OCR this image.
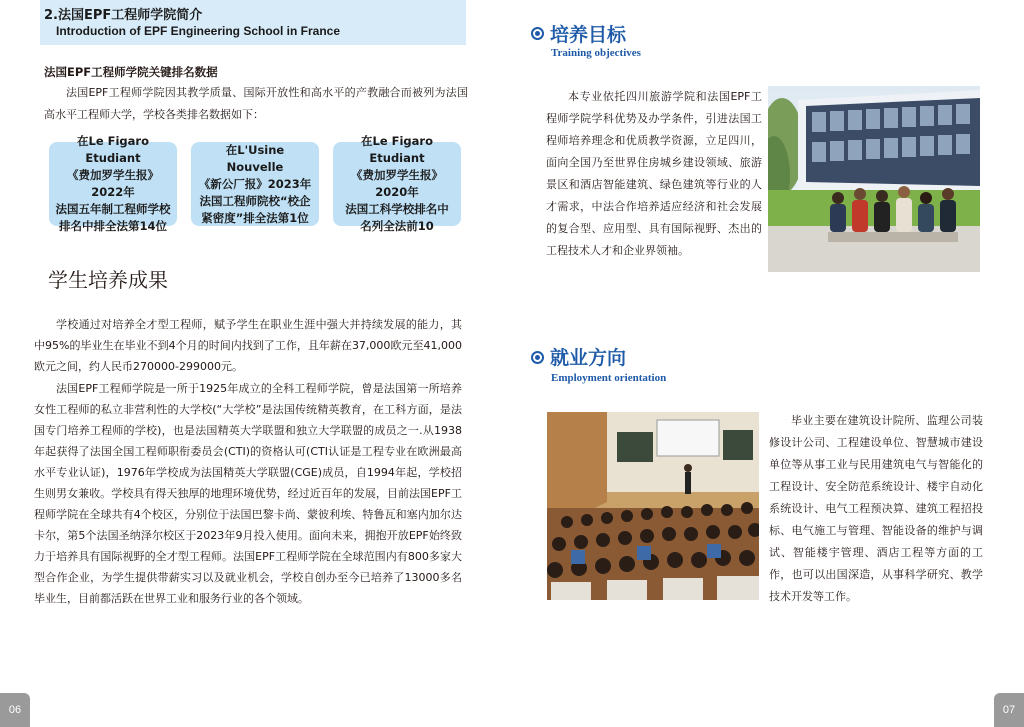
2.法国EPF工程师学院简介
Introduction of EPF Engineering School in France
法国EPF工程师学院关键排名数据
法国EPF工程师学院因其教学质量、国际开放性和高水平的产教融合而被列为法国高水平工程师大学，学校各类排名数据如下：
在Le Figaro Etudiant
《费加罗学生报》2022年
法国五年制工程师学校
排名中排全法第14位
在L'Usine Nouvelle
《新公厂报》2023年
法国工程师院校“校企
紧密度”排全法第1位
在Le Figaro Etudiant
《费加罗学生报》2020年
法国工科学校排名中
名列全法前10
学生培养成果
学校通过对培养全才型工程师，赋予学生在职业生涯中强大并持续发展的能力，其中95%的毕业生在毕业不到4个月的时间内找到了工作，且年薪在37,000欧元至41,000欧元之间，约人民币270000-299000元。
法国EPF工程师学院是一所于1925年成立的全科工程师学院，曾是法国第一所培养女性工程师的私立非营利性的大学校(“大学校”是法国传统精英教育，在工科方面，是法国专门培养工程师的学校)，也是法国精英大学联盟和独立大学联盟的成员之一.从1938年起获得了法国全国工程师职衔委员会(CTI)的资格认可(CTI认证是工程专业在欧洲最高水平专业认证)，1976年学校成为法国精英大学联盟(CGE)成员，自1994年起，学校招生则男女兼收。学校具有得天独厚的地理环境优势，经过近百年的发展，目前法国EPF工程师学院在全球共有4个校区，分别位于法国巴黎卡尚、蒙彼利埃、特鲁瓦和塞内加尔达卡尔，第5个法国圣纳泽尔校区于2023年9月投入使用。面向未来，拥抱开放EPF始终致力于培养具有国际视野的全才型工程师。法国EPF工程师学院在全球范围内有800多家大型合作企业，为学生提供带薪实习以及就业机会，学校自创办至今已培养了13000多名毕业生，目前都活跃在世界工业和服务行业的各个领域。
06
培养目标
Training objectives
本专业依托四川旅游学院和法国EPF工程师学院学科优势及办学条件，引进法国工程师培养理念和优质教学资源，立足四川，面向全国乃至世界住房城乡建设领域、旅游景区和酒店智能建筑、绿色建筑等行业的人才需求，中法合作培养适应经济和社会发展的复合型、应用型、具有国际视野、杰出的工程技术人才和企业界领袖。
就业方向
Employment orientation
毕业主要在建筑设计院所、监理公司装修设计公司、工程建设单位、智慧城市建设单位等从事工业与民用建筑电气与智能化的工程设计、安全防范系统设计、楼宇自动化系统设计、电气工程预决算、建筑工程招投标、电气施工与管理、智能设备的维护与调试、智能楼宇管理、酒店工程等方面的工作，也可以出国深造，从事科学研究、教学技术开发等工作。
07
